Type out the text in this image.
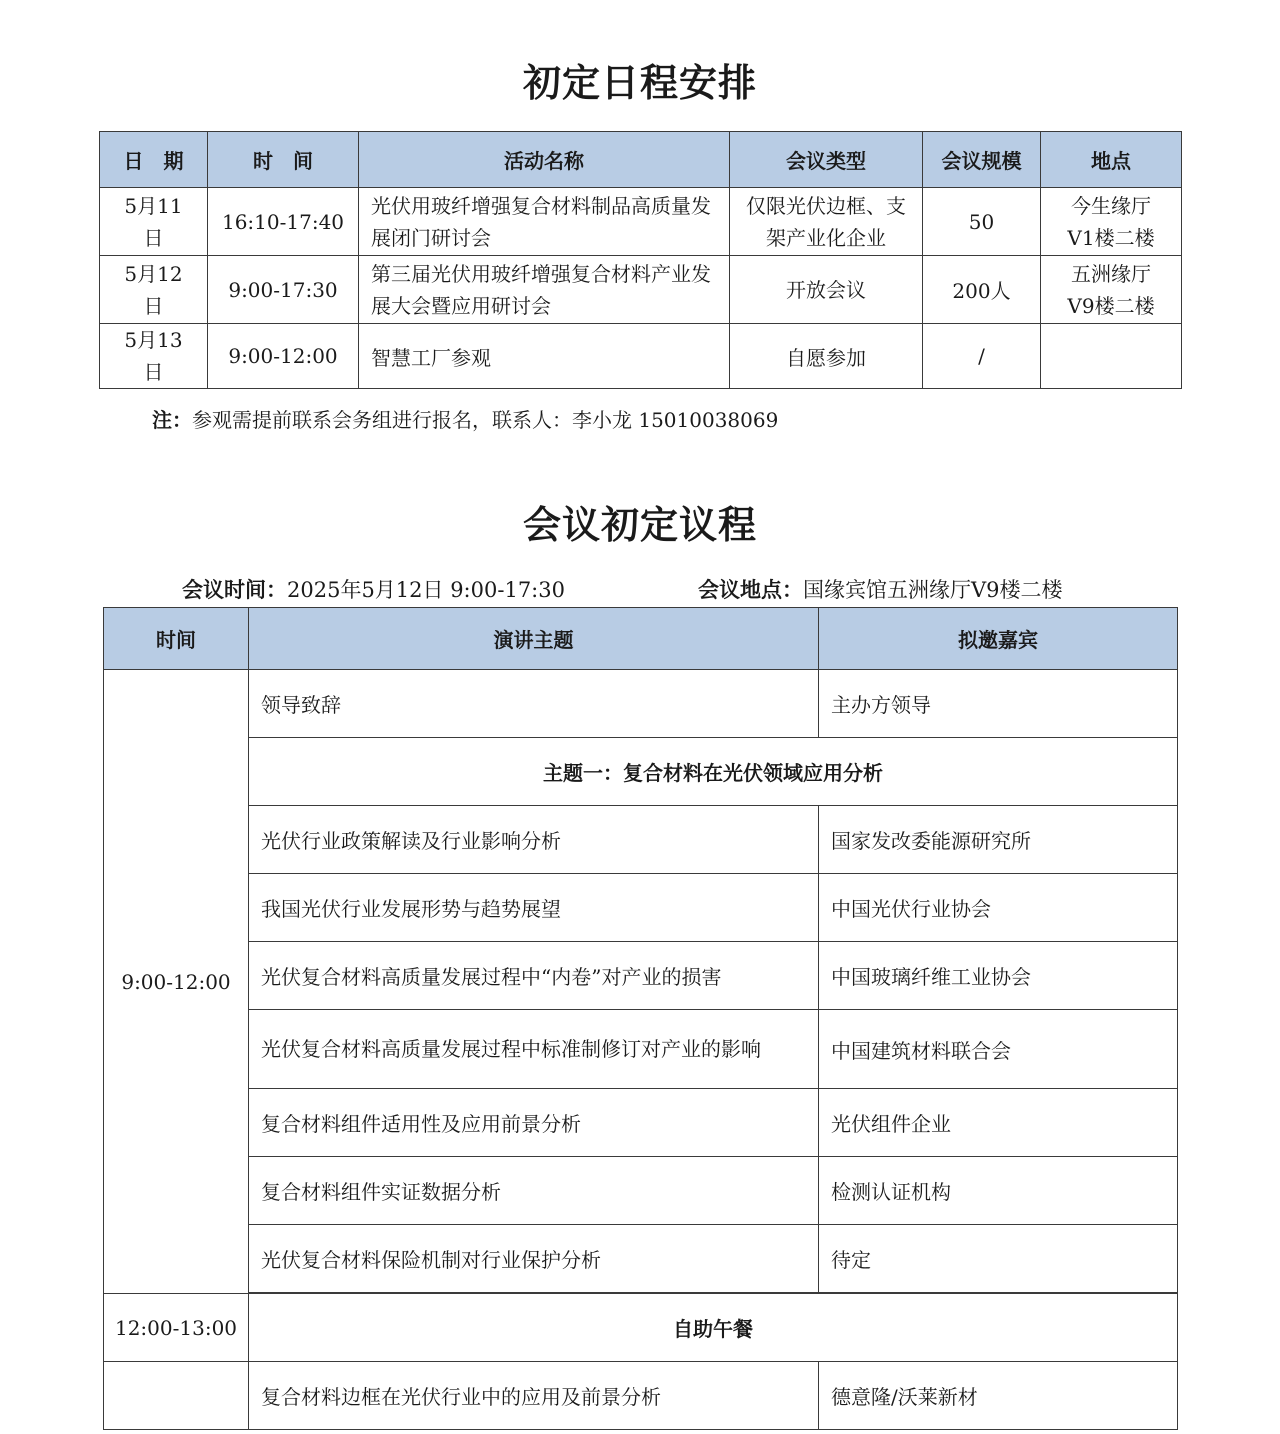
初定日程安排
日　期	时　间	活动名称	会议类型	会议规模	地点
5月11日	16:10-17:40	光伏用玻纤增强复合材料制品高质量发展闭门研讨会	仅限光伏边框、支架产业化企业	50	今生缘厅V1楼二楼
5月12日	9:00-17:30	第三届光伏用玻纤增强复合材料产业发展大会暨应用研讨会	开放会议	200人	五洲缘厅V9楼二楼
5月13日	9:00-12:00	智慧工厂参观	自愿参加	/	
注：参观需提前联系会务组进行报名，联系人：李小龙 15010038069
会议初定议程
会议时间：2025年5月12日 9:00-17:30	会议地点：国缘宾馆五洲缘厅V9楼二楼
时间	演讲主题	拟邀嘉宾
9:00-12:00	领导致辞	主办方领导
	主题一：复合材料在光伏领域应用分析	
	光伏行业政策解读及行业影响分析	国家发改委能源研究所
	我国光伏行业发展形势与趋势展望	中国光伏行业协会
	光伏复合材料高质量发展过程中“内卷”对产业的损害	中国玻璃纤维工业协会
	光伏复合材料高质量发展过程中标准制修订对产业的影响	中国建筑材料联合会
	复合材料组件适用性及应用前景分析	光伏组件企业
	复合材料组件实证数据分析	检测认证机构
	光伏复合材料保险机制对行业保护分析	待定

12:00-13:00	自助午餐	
	复合材料边框在光伏行业中的应用及前景分析	德意隆/沃莱新材
